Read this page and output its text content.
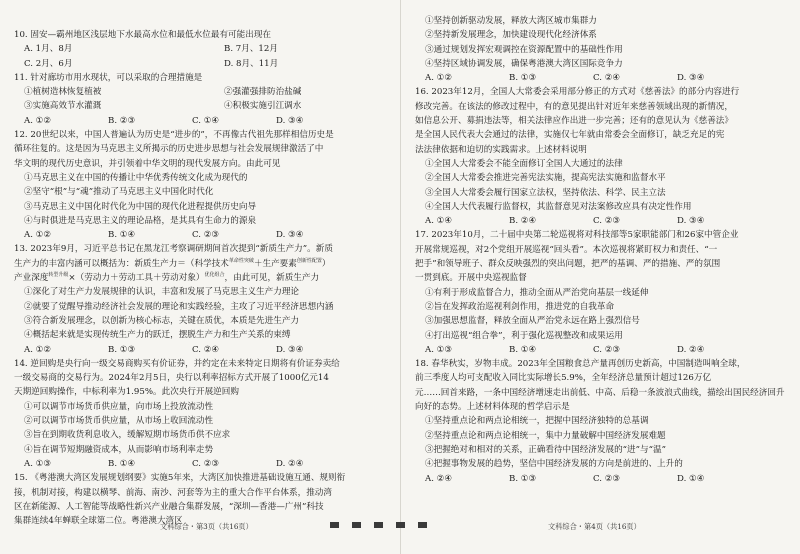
10. 固安—霸州地区浅层地下水最高水位和最低水位最有可能出现在

A. 1月、8月	B. 7月、12月
C. 2月、6月	D. 8月、11月

11. 针对廊坊市用水现状，可以采取的合理措施是

①植树造林恢复植被	②强灌强排防治盐碱
③实施高效节水灌溉	④积极实施引江调水
A. ①②	B. ②③	C. ①④	D. ③④

12. 20世纪以来，中国人普遍认为历史是“进步的”，不再像古代祖先那样相信历史是

循环往复的。这是因为马克思主义所揭示的历史进步思想与社会发展规律激活了中

华文明的现代历史意识，并引领着中华文明的现代发展方向。由此可见

①马克思主义在中国的传播让中华优秀传统文化成为现代的

②坚守“根”与“魂”推动了马克思主义中国化时代化

③马克思主义中国化时代化为中国的现代化进程提供历史向导

④与时俱进是马克思主义的理论品格，是其具有生命力的源泉

A. ①②	B. ①④	C. ②③	D. ③④

13. 2023年9月，习近平总书记在黑龙江考察调研期间首次提到“新质生产力”。新质

生产力的丰富内涵可以概括为：新质生产力＝（科学技术$^{革命性突破}$＋生产要素$^{创新性配置}$）

产业深度$^{转型升级}$×（劳动力＋劳动工具＋劳动对象）$^{优化组合}$，由此可见，新质生产力

①深化了对生产力发展规律的认识，丰富和发展了马克思主义生产力理论

②就要了觉醒导推动经济社会发展的理论和实践经验，主攻了习近平经济思想内涵

③符合新发展理念，以创新为核心标志，关键在质优，本质是先进生产力

④概括起来就是实现传统生产力的跃迁，摆脱生产力和生产关系的束缚

A. ①②	B. ①③	C. ②④	D. ③④

14. 逆回购是央行向一级交易商购买有价证券，并约定在未来特定日期将有价证券卖给

一级交易商的交易行为。2024年2月5日，央行以利率招标方式开展了1000亿元14

天期逆回购操作，中标利率为1.95%。此次央行开展逆回购

①可以调节市场货币供应量，向市场上投放流动性

②可以调节市场货币供应量，从市场上收回流动性

③旨在到期收货利息收入，缓解短期市场货币供不应求

④旨在调节短期融资成本，从而影响市场利率走势

A. ①③	B. ①④	C. ②③	D. ②④

15. 《粤港澳大湾区发展规划纲要》实施5年来，大湾区加快推进基础设施互通、规则衔

接，机制对接，构建以横琴、前海、南沙、河套等为主的重大合作平台体系，推动湾

区在新能源、人工智能等战略性新兴产业融合集群发展，“深圳—香港—广州”科技

集群连续4年蝉联全球第二位。粤港澳大湾区

①坚持创新驱动发展，释放大湾区城市集群力

②坚持新发展理念，加快建设现代化经济体系

③通过规划发挥宏观调控在资源配置中的基础性作用

④坚持区域协调发展，确保粤港澳大湾区国际竞争力

A. ①②	B. ①③	C. ②④	D. ③④

16. 2023年12月，全国人大常委会采用部分修正的方式对《慈善法》的部分内容进行

修改完善。在该法的修改过程中，有的意见提出针对近年来慈善领域出现的新情况，

如信息公开、募捐违法等，相关法律应作出进一步完善；还有的意见认为《慈善法》

是全国人民代表大会通过的法律，实施仅七年就由常委会全面修订，缺乏充足的宪

法法律依据和迫切的实践需求。上述材料说明

①全国人大常委会不能全面修订全国人大通过的法律

②全国人大常委会推进完善宪法实施，提高宪法实施和监督水平

③全国人大常委会履行国家立法权，坚持依法、科学、民主立法

④全国人大代表履行监督权，其监督意见对法案修改应具有决定性作用

A. ①④	B. ②④	C. ②③	D. ③④

17. 2023年10月，二十届中央第二轮巡视将对科技部等5家职能部门和26家中管企业

开展常规巡视，对2个党组开展巡视“回头看”。本次巡视将紧盯权力和责任、“一

把手”和领导班子、群众反映强烈的突出问题，把严的基调、严的措施、严的氛围

一贯到底。开展中央巡视监督

①有利于形成监督合力，推动全面从严治党向基层一线延伸

②旨在发挥政治巡视利剑作用，推进党的自我革命

③加强思想监督，释放全面从严治党永远在路上强烈信号

④打出巡视“组合拳”，利于强化巡视整改和成果运用

A. ①③	B. ①④	C. ②③	D. ②④

18. 春华秋实，岁物丰成。2023年全国粮食总产量再创历史新高，中国制造叫响全球，

前三季度人均可支配收入同比实际增长5.9%，全年经济总量预计超过126万亿

元……回首来路，一条中国经济增速走出前低、中高、后稳一条波浪式曲线，描绘出国民经济回升

向好的态势。上述材料体现的哲学启示是

①坚持重点论和两点论相统一，把握中国经济独特的总基调

②坚持重点论和两点论相统一，集中力量破解中国经济发展难题

③把握绝对和相对的关系，正确看待中国经济发展的“进”与“温”

④把握事物发展的趋势，坚信中国经济发展的方向是前进的、上升的

A. ②④	B. ①③	C. ②③	D. ①④
文科综合・第3页（共16页）	文科综合・第4页（共16页）
